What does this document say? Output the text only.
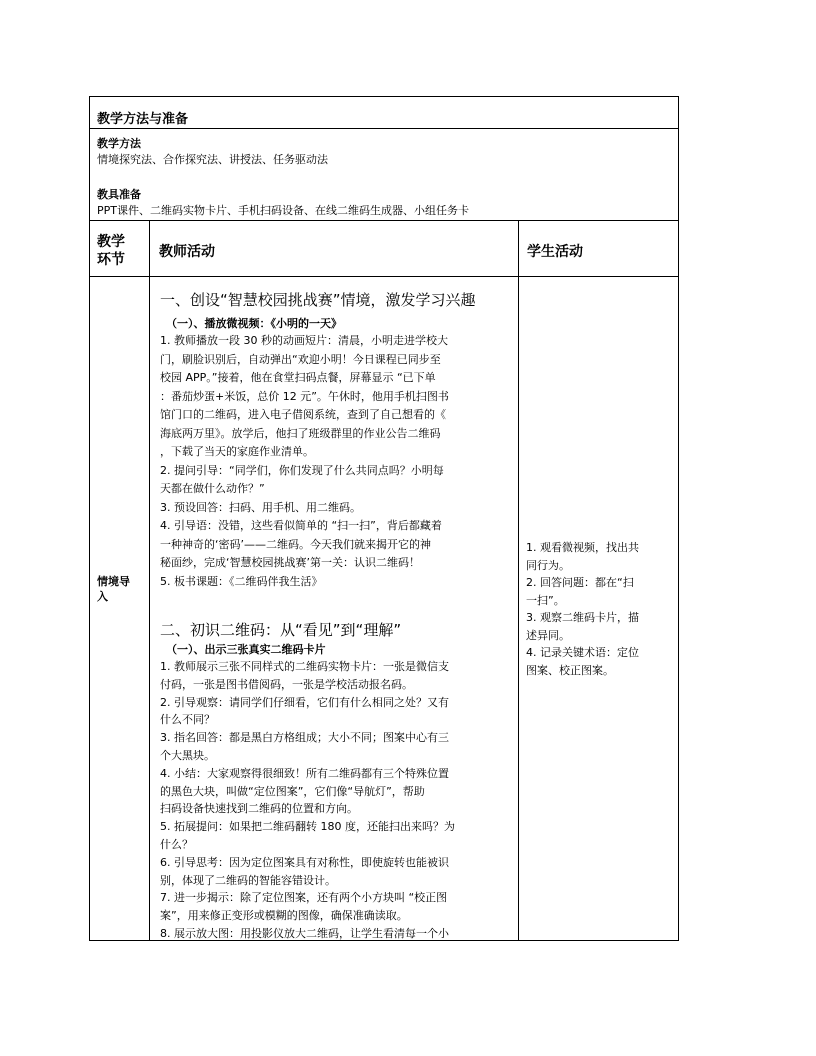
教学方法与准备
教学方法
情境探究法、合作探究法、讲授法、任务驱动法
教具准备
PPT课件、二维码实物卡片、手机扫码设备、在线二维码生成器、小组任务卡
教学
环节 教师活动	学生活动
情境导
入
一、创设“智慧校园挑战赛”情境，激发学习兴趣
（一）、播放微视频：《小明的一天》
1. 教师播放一段 30 秒的动画短片：清晨，小明走进学校大
门，刷脸识别后，自动弹出“欢迎小明！今日课程已同步至
校园 APP。”接着，他在食堂扫码点餐，屏幕显示 “已下单
：番茄炒蛋+米饭，总价 12 元”。午休时，他用手机扫图书
馆门口的二维码，进入电子借阅系统，查到了自己想看的《
海底两万里》。放学后，他扫了班级群里的作业公告二维码
，下载了当天的家庭作业清单。
2. 提问引导：“同学们，你们发现了什么共同点吗？小明每
天都在做什么动作？”
3. 预设回答：扫码、用手机、用二维码。
4. 引导语：没错，这些看似简单的 “扫一扫”，背后都藏着
一种神奇的‘密码’——二维码。今天我们就来揭开它的神
秘面纱，完成‘智慧校园挑战赛’第一关：认识二维码！
5. 板书课题：《二维码伴我生活》
二、初识二维码：从“看见”到“理解”
（一）、出示三张真实二维码卡片
1. 教师展示三张不同样式的二维码实物卡片：一张是微信支
付码，一张是图书借阅码，一张是学校活动报名码。
2. 引导观察：请同学们仔细看，它们有什么相同之处？又有
什么不同？
3. 指名回答：都是黑白方格组成；大小不同；图案中心有三
个大黑块。
4. 小结：大家观察得很细致！所有二维码都有三个特殊位置
的黑色大块，叫做“定位图案”，它们像“导航灯”，帮助
扫码设备快速找到二维码的位置和方向。
5. 拓展提问：如果把二维码翻转 180 度，还能扫出来吗？为
什么？
6. 引导思考：因为定位图案具有对称性，即使旋转也能被识
别，体现了二维码的智能容错设计。
7. 进一步揭示：除了定位图案，还有两个小方块叫 “校正图
案”，用来修正变形或模糊的图像，确保准确读取。
8. 展示放大图：用投影仪放大二维码，让学生看清每一个小
1. 观看微视频，找出共
同行为。
2. 回答问题：都在“扫
一扫”。
3. 观察二维码卡片，描
述异同。
4. 记录关键术语：定位
图案、校正图案。
